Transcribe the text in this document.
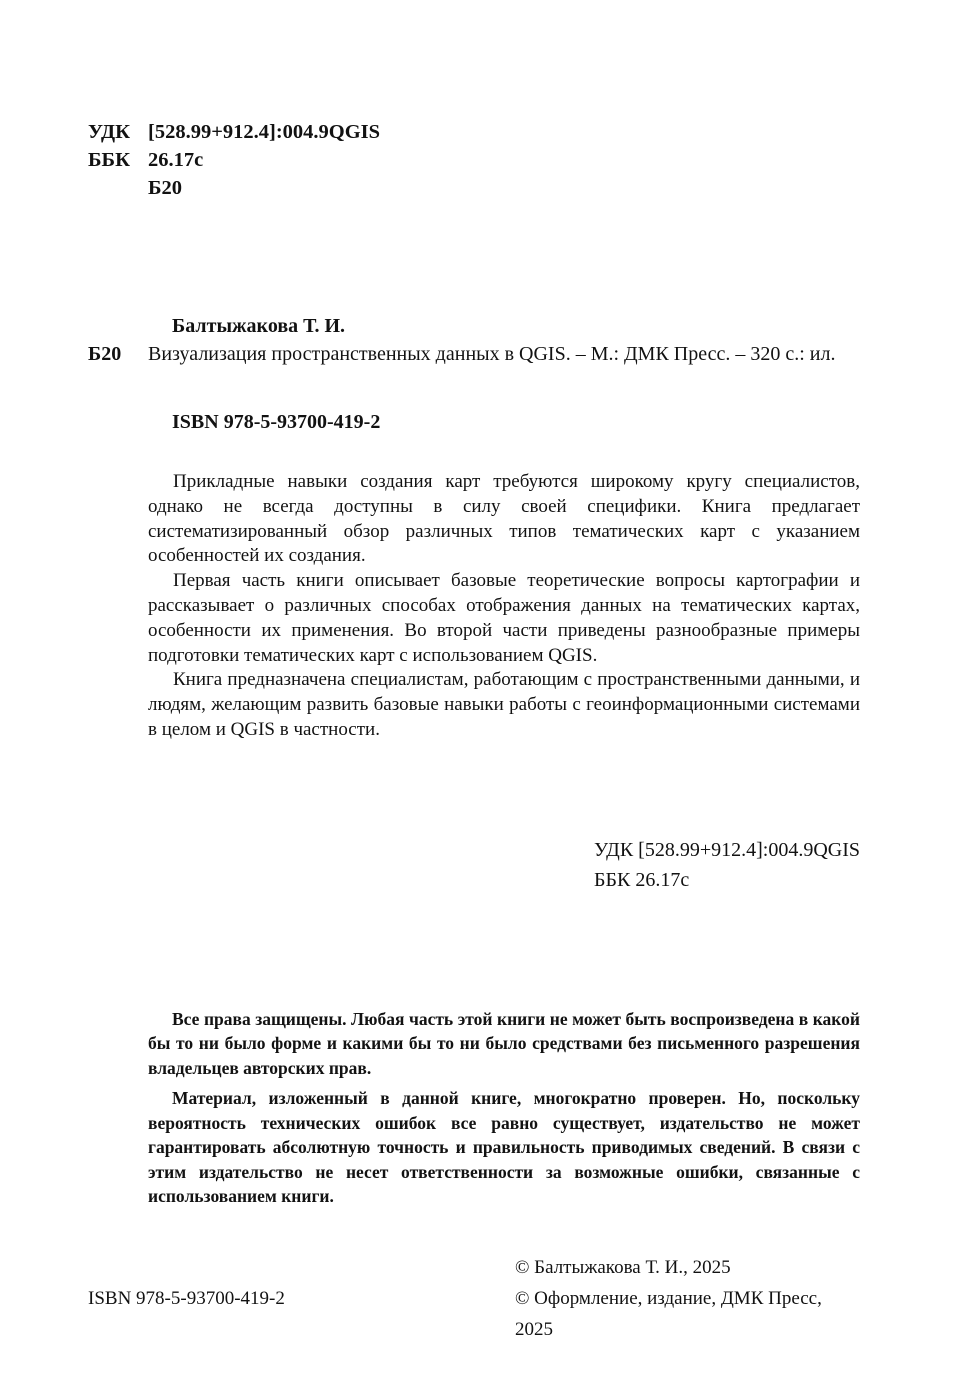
УДК [528.99+912.4]:004.9QGIS
ББК 26.17с
Б20
Б20
Балтыжакова Т. И.
Визуализация пространственных данных в QGIS. – М.: ДМК Пресс. – 320 с.: ил.
ISBN 978-5-93700-419-2

Прикладные навыки создания карт требуются широкому кругу специалистов, однако не всегда доступны в силу своей специфики. Книга предлагает систематизированный обзор различных типов тематических карт с указанием особенностей их создания.

Первая часть книги описывает базовые теоретические вопросы картографии и рассказывает о различных способах отображения данных на тематических картах, особенности их применения. Во второй части приведены разнообразные примеры подготовки тематических карт с использованием QGIS.

Книга предназначена специалистам, работающим с пространственными данными, и людям, желающим развить базовые навыки работы с геоинформационными системами в целом и QGIS в частности.

УДК [528.99+912.4]:004.9QGIS
ББК 26.17с

Все права защищены. Любая часть этой книги не может быть воспроизведена в какой бы то ни было форме и какими бы то ни было средствами без письменного разрешения владельцев авторских прав.

Материал, изложенный в данной книге, многократно проверен. Но, поскольку вероятность технических ошибок все равно существует, издательство не может гарантировать абсолютную точность и правильность приводимых сведений. В связи с этим издательство не несет ответственности за возможные ошибки, связанные с использованием книги.

ISBN 978-5-93700-419-2
© Балтыжакова Т. И., 2025
© Оформление, издание, ДМК Пресс, 2025
